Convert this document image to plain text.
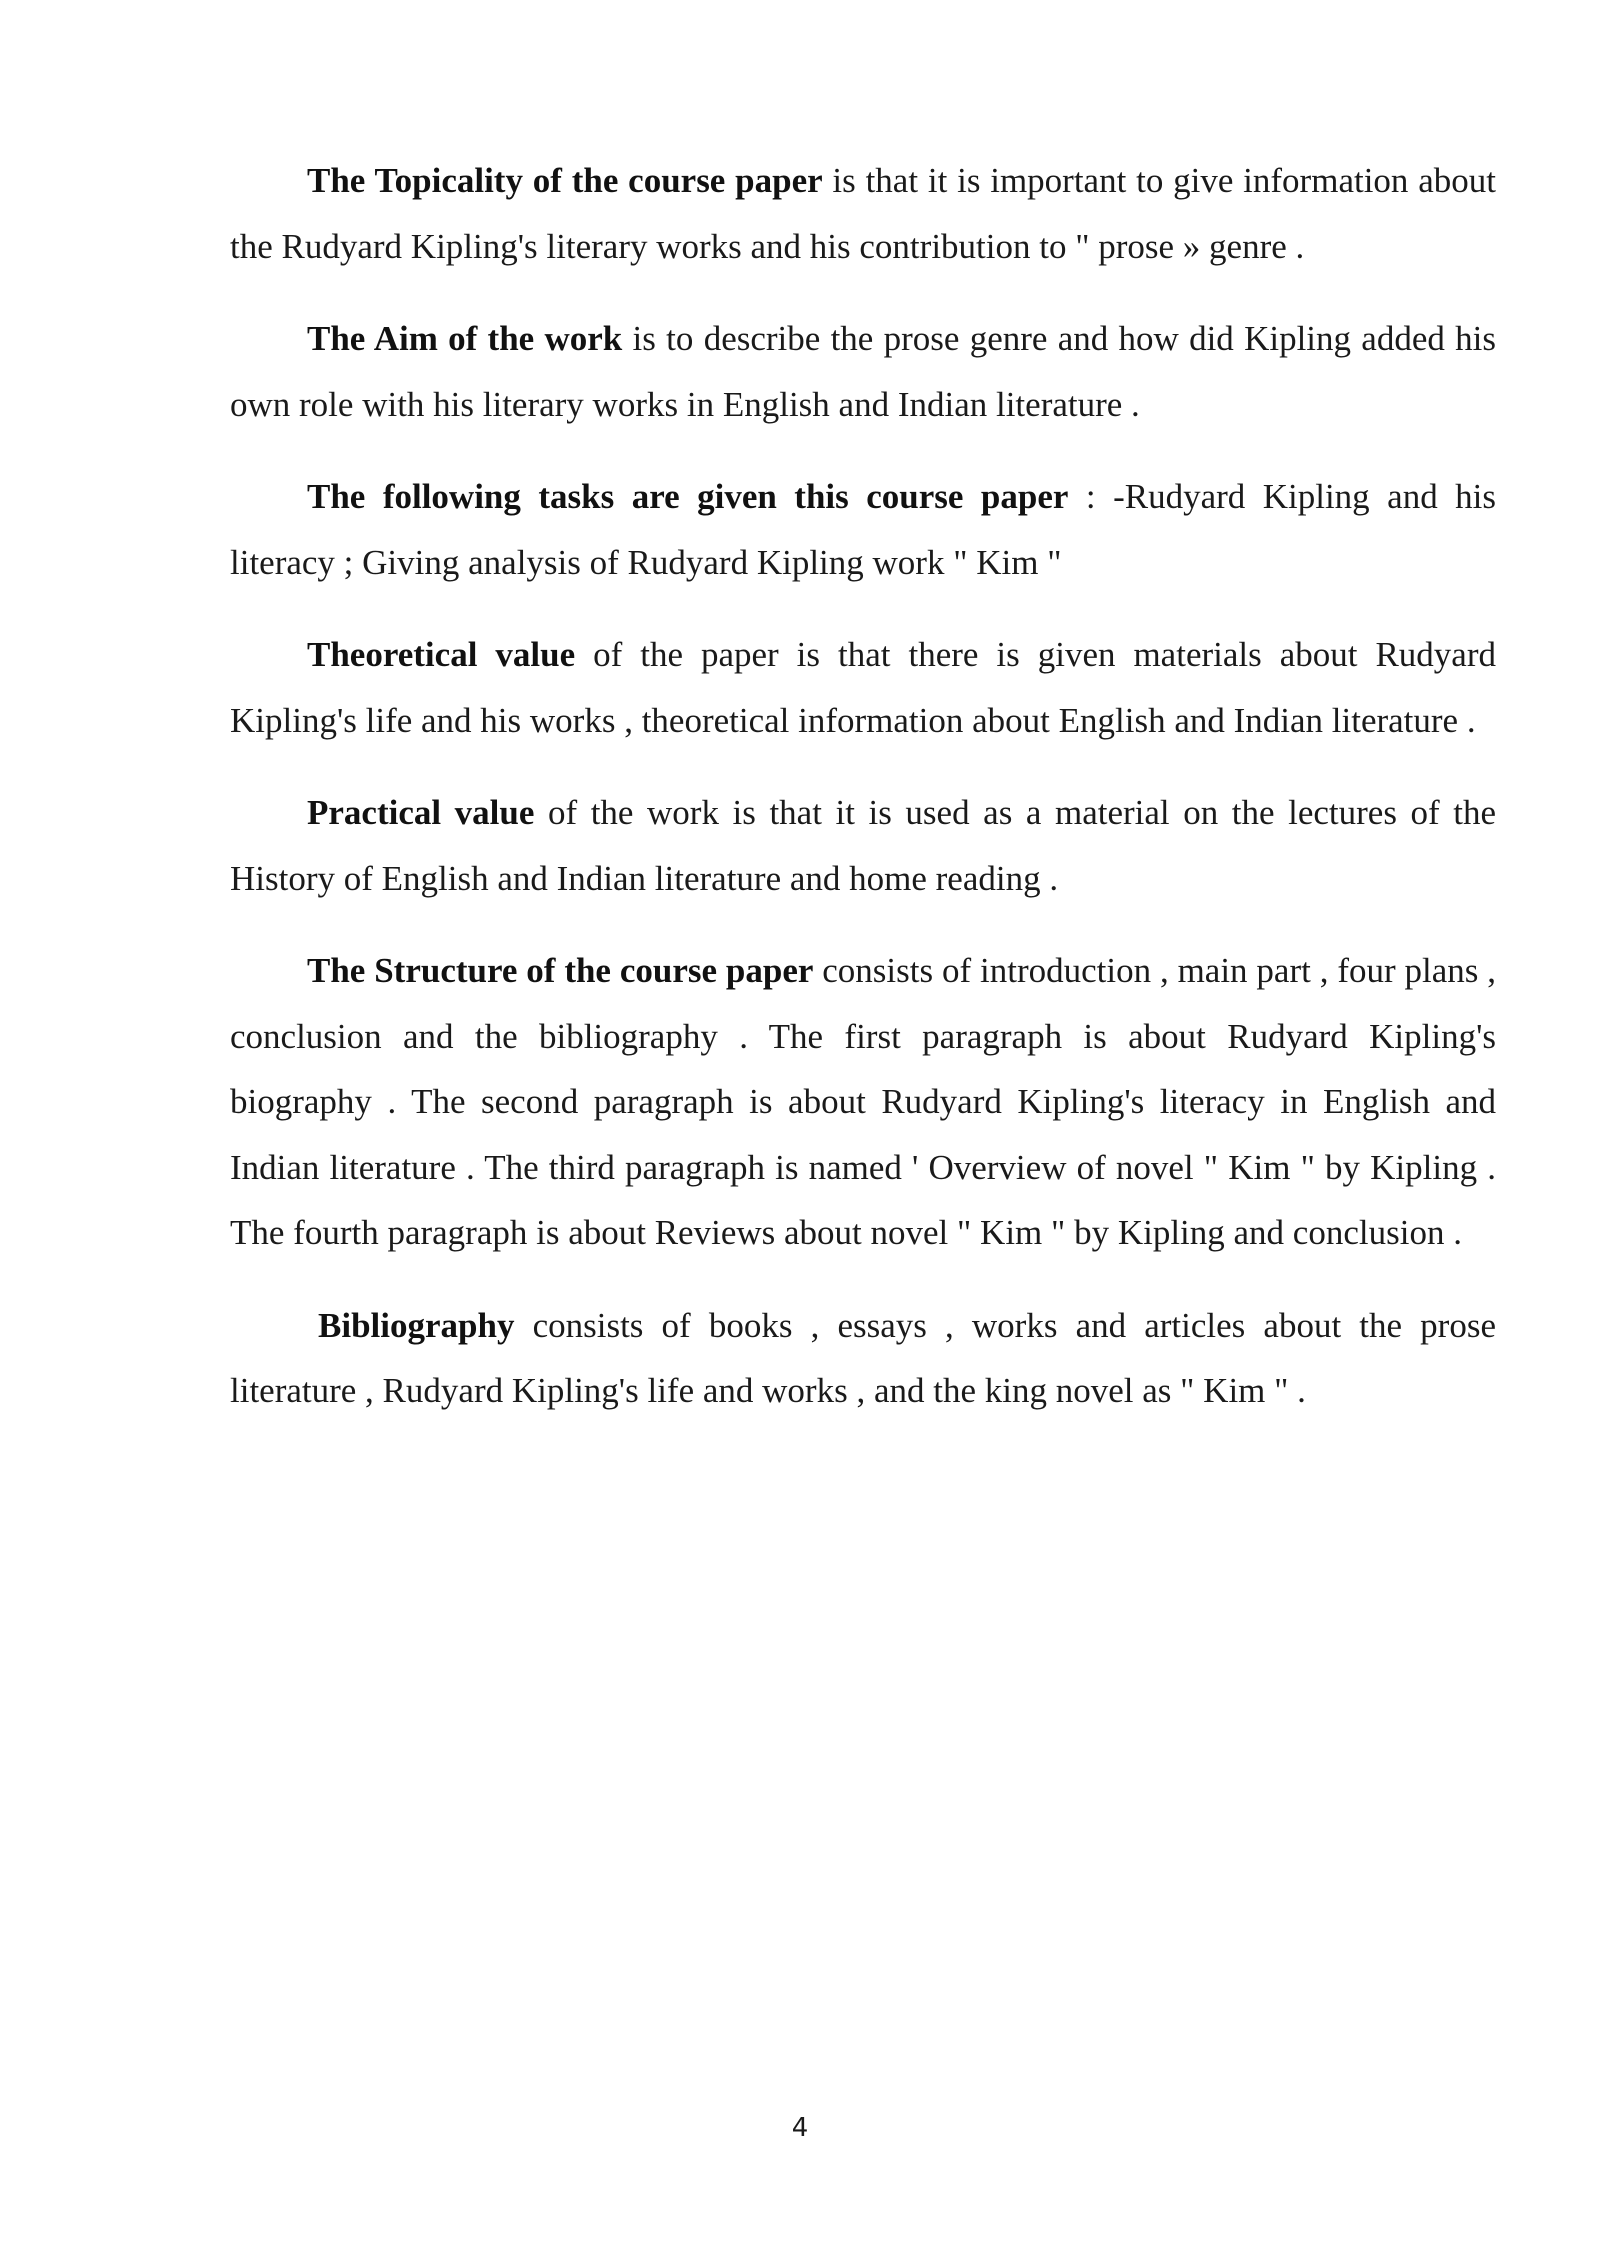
The Topicality of the course paper is that it is important to give information about the Rudyard Kipling's literary works and his contribution to " prose » genre .

The Aim of the work is to describe the prose genre and how did Kipling added his own role with his literary works in English and Indian literature .

The following tasks are given this course paper : -Rudyard Kipling and his literacy ; Giving analysis of Rudyard Kipling work " Kim "

Theoretical value of the paper is that there is given materials about Rudyard Kipling's life and his works , theoretical information about English and Indian literature .

Practical value of the work is that it is used as a material on the lectures of the History of English and Indian literature and home reading .

The Structure of the course paper consists of introduction , main part , four plans , conclusion and the bibliography . The first paragraph is about Rudyard Kipling's biography . The second paragraph is about Rudyard Kipling's literacy in English and Indian literature . The third paragraph is named ' Overview of novel " Kim " by Kipling . The fourth paragraph is about Reviews about novel " Kim " by Kipling and conclusion .

Bibliography consists of books , essays , works and articles about the prose literature , Rudyard Kipling's life and works , and the king novel as " Kim " .

4
